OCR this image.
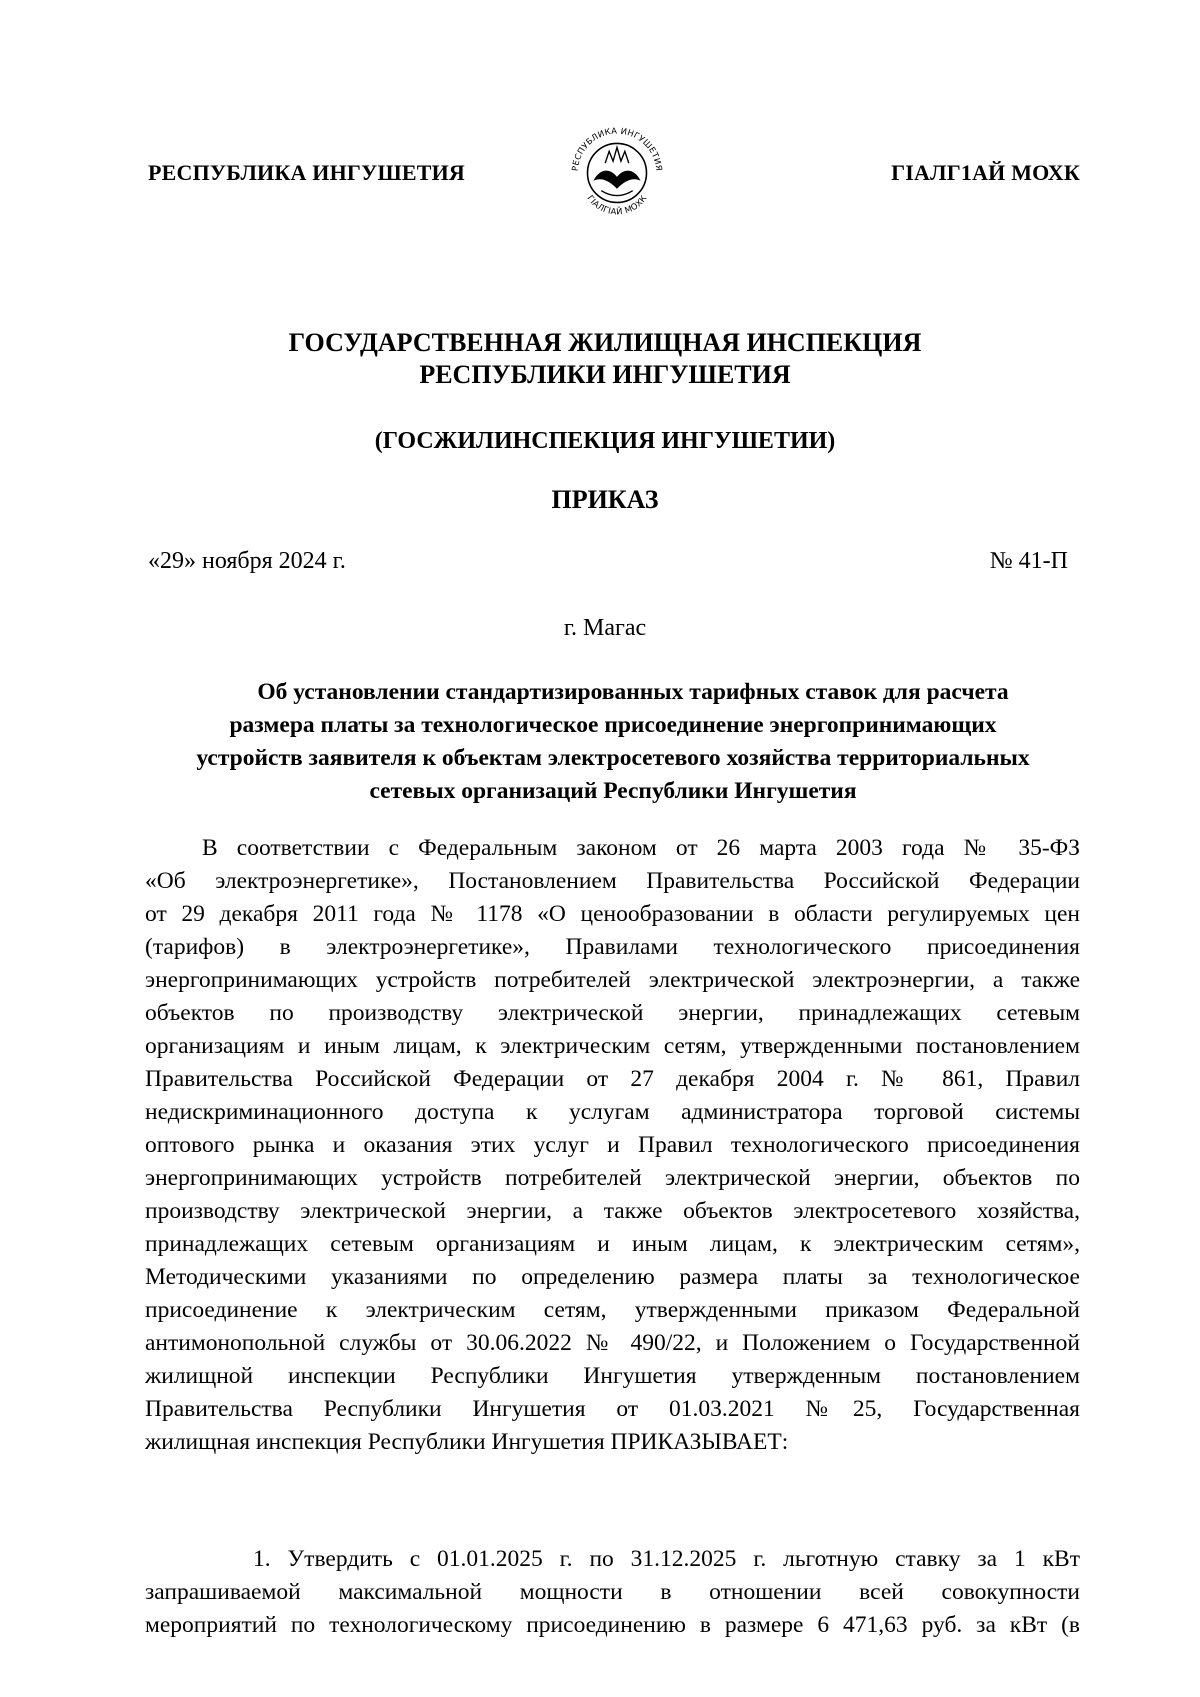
РЕСПУБЛИКА ИНГУШЕТИЯ	РЕСПУБЛИКА ИНГУШЕТИЯ
ГIАЛГIАЙ МОХК
ГIАЛГ1АЙ МОХК
ГОСУДАРСТВЕННАЯ ЖИЛИЩНАЯ ИНСПЕКЦИЯ
РЕСПУБЛИКИ ИНГУШЕТИЯ
(ГОСЖИЛИНСПЕКЦИЯ ИНГУШЕТИИ)
ПРИКАЗ
«29» ноября 2024 г.	№ 41-П
г. Магас
Об установлении стандартизированных тарифных ставок для расчета
размера платы за технологическое присоединение энергопринимающих
устройств заявителя к объектам электросетевого хозяйства территориальных
сетевых организаций Республики Ингушетия
В соответствии с Федеральным законом от 26 марта 2003 года № 35-ФЗ
«Об электроэнергетике», Постановлением Правительства Российской Федерации
от 29 декабря 2011 года № 1178 «О ценообразовании в области регулируемых цен
(тарифов) в электроэнергетике», Правилами технологического присоединения
энергопринимающих устройств потребителей электрической электроэнергии, а также
объектов по производству электрической энергии, принадлежащих сетевым
организациям и иным лицам, к электрическим сетям, утвержденными постановлением
Правительства Российской Федерации от 27 декабря 2004 г. № 861, Правил
недискриминационного доступа к услугам администратора торговой системы
оптового рынка и оказания этих услуг и Правил технологического присоединения
энергопринимающих устройств потребителей электрической энергии, объектов по
производству электрической энергии, а также объектов электросетевого хозяйства,
принадлежащих сетевым организациям и иным лицам, к электрическим сетям»,
Методическими указаниями по определению размера платы за технологическое
присоединение к электрическим сетям, утвержденными приказом Федеральной
антимонопольной службы от 30.06.2022 № 490/22, и Положением о Государственной
жилищной инспекции Республики Ингушетия утвержденным постановлением
Правительства Республики Ингушетия от 01.03.2021 №25, Государственная
жилищная инспекция Республики Ингушетия ПРИКАЗЫВАЕТ:
1. Утвердить с 01.01.2025 г. по 31.12.2025 г. льготную ставку за 1 кВт
запрашиваемой максимальной мощности в отношении всей совокупности
мероприятий по технологическому присоединению в размере 6 471,63 руб. за кВт (в
